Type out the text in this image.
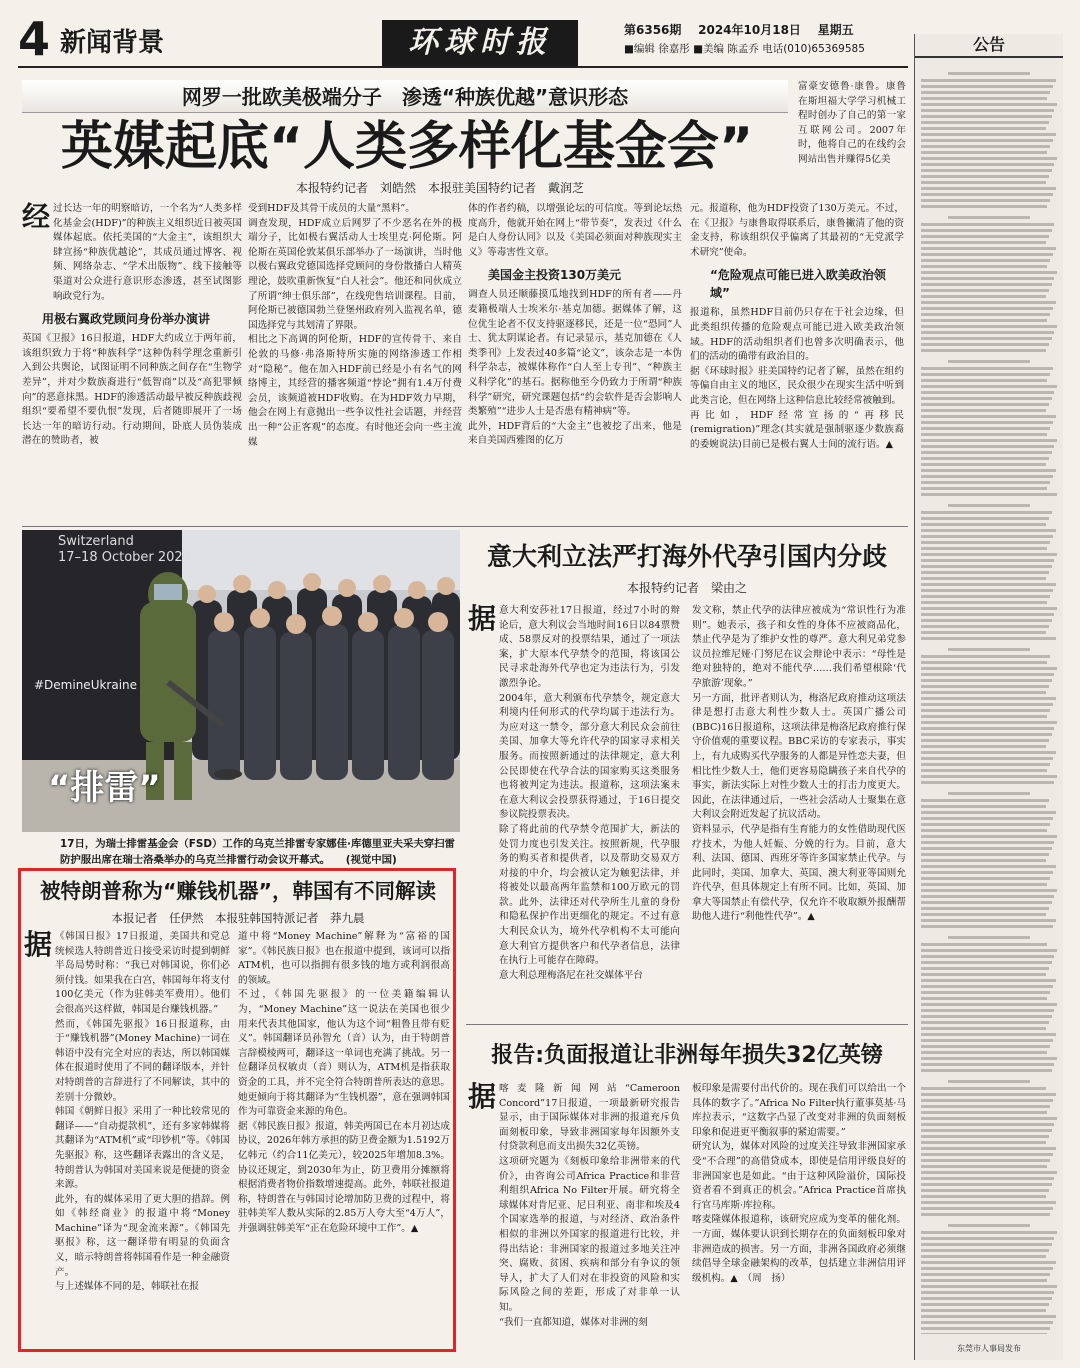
4 新闻背景	环球时报	第6356期 2024年10月18日 星期五
■编辑 徐嘉彤 ■美编 陈孟乔 电话(010)65369585	公告
东莞市人事局发布
网罗一批欧美极端分子　渗透“种族优越”意识形态
英媒起底“人类多样化基金会”
本报特约记者　刘皓然　本报驻美国特约记者　戴润芝
富豪安德鲁·康鲁。康鲁在斯坦福大学学习机械工程时创办了自己的第一家互联网公司。2007年时，他将自己的在线约会网站出售并赚得5亿美
经 过长达一年的明察暗访，一个名为“人类多样化基金会(HDF)”的种族主义组织近日被英国媒体起底。依托美国的“大金主”，该组织大肆宣扬“种族优越论”，其成员通过博客、视频、网络杂志、“学术出版物”、线下接触等渠道对公众进行意识形态渗透，甚至试图影响政党行为。
用极右翼政党顾问身份举办演讲
英国《卫报》16日报道，HDF大约成立于两年前，该组织致力于将“种族科学”这种伪科学理念重新引入到公共舆论，试图证明不同种族之间存在“生物学差异”，并对少数族裔进行“低智商”以及“高犯罪倾向”的恶意抹黑。HDF的渗透活动最早被反种族歧视组织“要希望不要仇恨”发现，后者随即展开了一场长达一年的暗访行动。行动期间，卧底人员伪装成潜在的赞助者，被
受到HDF及其骨干成员的大量“黑料”。
调查发现，HDF成立后网罗了不少恶名在外的极端分子，比如极右翼活动人士埃里克·阿伦斯。阿伦斯在英国伦敦某俱乐部举办了一场演讲，当时他以极右翼政党德国选择党顾问的身份散播白人精英理论，鼓吹重新恢复“白人社会”。他还和同伙成立了所谓“绅士俱乐部”，在线兜售培训课程。目前，阿伦斯已被德国勃兰登堡州政府列入监视名单，德国选择党与其划清了界限。
相比之下高调的阿伦斯，HDF的宣传骨干、来自伦敦的马修·弗洛斯特所实施的网络渗透工作相对“隐秘”。他在加入HDF前已经是小有名气的网络博主，其经营的播客频道“悖论”拥有1.4万付费会员，该频道被HDF收购。在为HDF效力早期，他会在网上有意抛出一些争议性社会话题，并经营出一种“公正客观”的态度。有时他还会向一些主流媒
体的作者约稿，以增强论坛的可信度。等到论坛热度高升，他就开始在网上“带节奏”，发表过《什么是白人身份认同》以及《美国必须面对种族现实主义》等毒害性文章。
美国金主投资130万美元
调查人员还顺藤摸瓜地找到HDF的所有者——丹麦籍极端人士埃米尔·基克加德。据媒体了解，这位优生论者不仅支持驱逐移民，还是一位“恐同”人士、犹太阴谋论者。有记录显示，基克加德在《人类季刊》上发表过40多篇“论文”，该杂志是一本伪科学杂志，被媒体称作“白人至上专刊”、“种族主义科学化”的基石。据称他至今仍致力于所谓“种族科学”研究，研究课题包括“约会软件是否会影响人类繁殖”“进步人士是否患有精神病”等。
此外，HDF背后的“大金主”也被挖了出来，他是来自美国西雅图的亿万
元。报道称，他为HDF投资了130万美元。不过，在《卫报》与康鲁取得联系后，康鲁撇清了他的资金支持，称该组织仅乎偏离了其最初的“无党派学术研究”使命。
“危险观点可能已进入欧美政治领域”
报道称，虽然HDF目前仍只存在于社会边缘，但此类组织传播的危险观点可能已进入欧美政治领域。HDF的活动组织者们也曾多次明确表示，他们的活动的确带有政治目的。
据《环球时报》驻美国特约记者了解，虽然在组约等偏自由主义的地区，民众很少在现实生活中听到此类言论，但在网络上这种信息比较经常被触到。
再比如，HDF经常宣扬的“再移民(remigration)”理念(其实就是强制驱逐少数族裔的委婉说法)目前已是极右翼人士间的流行语。▲
Switzerland
17–18 October 2024
#DemineUkraine
“排雷”
17日，为瑞士排雷基金会（FSD）工作的乌克兰排雷专家娜佳·库德里亚夫采夫穿扫雷防护服出席在瑞士洛桑举办的乌克兰排雷行动会议开幕式。　　(视觉中国)
意大利立法严打海外代孕引国内分歧
本报特约记者　梁由之
据 意大利安莎社17日报道，经过7小时的辩论后，意大利议会当地时间16日以84票赞成、58票反对的投票结果，通过了一项法案，扩大原本代孕禁令的范围，将该国公民寻求赴海外代孕也定为违法行为，引发激烈争论。
2004年，意大利颁布代孕禁令，规定意大利境内任何形式的代孕均属于违法行为。为应对这一禁令，部分意大利民众会前往美国、加拿大等允许代孕的国家寻求相关服务。而按照新通过的法律规定，意大利公民即使在代孕合法的国家购买这类服务也将被判定为违法。报道称，这项法案未在意大利议会投票获得通过，于16日提交参议院投票表决。
除了将此前的代孕禁令范围扩大，新法的处罚力度也引发关注。按照新规，代孕服务的购买者和提供者，以及帮助交易双方对接的中介，均会被认定为触犯法律，并将被处以最高两年监禁和100万欧元的罚款。此外，法律还对代孕所生儿童的身份和隐私保护作出更细化的规定。不过有意大利民众认为，境外代孕机构不太可能向意大利官方提供客户和代孕者信息，法律在执行上可能存在障碍。
意大利总理梅洛尼在社交媒体平台
发文称，禁止代孕的法律应被成为“常识性行为准则”。她表示，孩子和女性的身体不应被商品化，禁止代孕是为了维护女性的尊严。意大利兄弟党参议员拉维尼娅·门努尼在议会辩论中表示：“母性是绝对独特的，绝对不能代孕……我们希望根除‘代孕旅游’现象。”
另一方面，批评者则认为，梅洛尼政府推动这项法律是想打击意大利性少数人士。英国广播公司(BBC)16日报道称，这项法律是梅洛尼政府推行保守价值观的重要议程。BBC采访的专家表示，事实上，有九成购买代孕服务的人都是异性恋夫妻，但相比性少数人士，他们更容易隐瞒孩子来自代孕的事实，新法实际上对性少数人士的打击力度更大。因此，在法律通过后，一些社会活动人士聚集在意大利议会附近发起了抗议活动。
资料显示，代孕是指有生育能力的女性借助现代医疗技术，为他人妊娠、分娩的行为。目前，意大利、法国、德国、西班牙等许多国家禁止代孕。与此同时，美国、加拿大、英国、澳大利亚等国则允许代孕，但具体规定上有所不同。比如，英国、加拿大等国禁止有偿代孕，仅允许不收取额外报酬帮助他人进行“利他性代孕”。▲
被特朗普称为“赚钱机器”，韩国有不同解读
本报记者　任伊然　本报驻韩国特派记者　莽九晨
据 《韩国日报》17日报道，美国共和党总统候选人特朗普近日接受采访时提到朝鲜半岛局势时称：“我已对韩国说，你们必须付钱。如果我在白宫，韩国每年将支付100亿美元（作为驻韩美军费用）。他们会很高兴这样做，韩国是台赚钱机器。”
然而，《韩国先驱报》16日报道称，由于“赚钱机器”(Money Machine)一词在韩语中没有完全对应的表达，所以韩国媒体在报道时使用了不同的翻译版本，并针对特朗普的言辞进行了不同解读，其中的差别十分微妙。
韩国《朝鲜日报》采用了一种比较常见的翻译——“自动提款机”，还有多家韩媒将其翻译为“ATM机”或“印钞机”等。《韩国先驱报》称，这些翻译表露出的含义是，特朗普认为韩国对美国来说是便捷的资金来源。
此外，有的媒体采用了更大胆的措辞。例如《韩经商业》的报道中将“Money Machine”译为“现金流来源”。《韩国先驱报》称，这一翻译带有明显的负面含义，暗示特朗普将韩国看作是一种金融资产。
与上述媒体不同的是，韩联社在报
道中将“Money Machine”解释为“富裕的国家”。《韩民族日报》也在报道中提到，该词可以指ATM机，也可以指拥有很多钱的地方或利润很高的领域。
不过，《韩国先驱报》的一位美籍编辑认为，“Money Machine”这一说法在美国也很少用来代表其他国家，他认为这个词“粗鲁且带有贬义”。韩国翻译员孙智允（音）认为，由于特朗普言辞模棱两可，翻译这一单词也充满了挑战。另一位翻译员权敏贞（音）则认为，ATM机是指获取资金的工具，并不完全符合特朗普所表达的意思。她更倾向于将其翻译为“生钱机器”，意在强调韩国作为可靠资金来源的角色。
据《韩民族日报》报道，韩美两国已在本月初达成协议，2026年韩方承担的防卫费金额为1.5192万亿韩元（约合11亿美元），较2025年增加8.3%。协议还规定，到2030年为止，防卫费用分摊额将根据消费者物价指数增速提高。此外，韩联社报道称，特朗普在与韩国讨论增加防卫费的过程中，将驻韩美军人数从实际的2.85万人夸大至“4万人”，并强调驻韩美军“正在危险环境中工作”。▲
报告:负面报道让非洲每年损失32亿英镑
据 喀麦隆新闻网站“Cameroon Concord”17日报道，一项最新研究报告显示，由于国际媒体对非洲的报道充斥负面刻板印象，导致非洲国家每年因额外支付贷款利息而支出损失32亿英镑。
这项研究题为《刻板印象给非洲带来的代价》，由咨询公司Africa Practice和非营利组织Africa No Filter开展。研究将全球媒体对肯尼亚、尼日利亚、南非和埃及4个国家选举的报道，与对经济、政治条件相似的非洲以外国家的报道进行比较，并得出结论：非洲国家的报道过多地关注冲突、腐败、贫困、疾病和部分有争议的领导人，扩大了人们对在非投资的风险和实际风险之间的差距，形成了对非单一认知。
“我们一直都知道，媒体对非洲的刻
板印象是需要付出代价的。现在我们可以给出一个具体的数字了。”Africa No Filter执行董事莫基·马库拉表示，“这数字凸显了改变对非洲的负面刻板印象和促进更平衡叙事的紧迫需要。”
研究认为，媒体对风险的过度关注导致非洲国家承受“不合理”的高借贷成本，即使是信用评级良好的非洲国家也是如此。“由于这种风险溢价，国际投资者看不到真正的机会。”Africa Practice首席执行官马库斯·库拉称。
喀麦隆媒体报道称，该研究应成为变革的催化剂。一方面，媒体要认识到长期存在的负面刻板印象对非洲造成的损害。另一方面，非洲各国政府必须继续倡导全球金融架构的改革，包括建立非洲信用评级机构。▲　（周　扬）
